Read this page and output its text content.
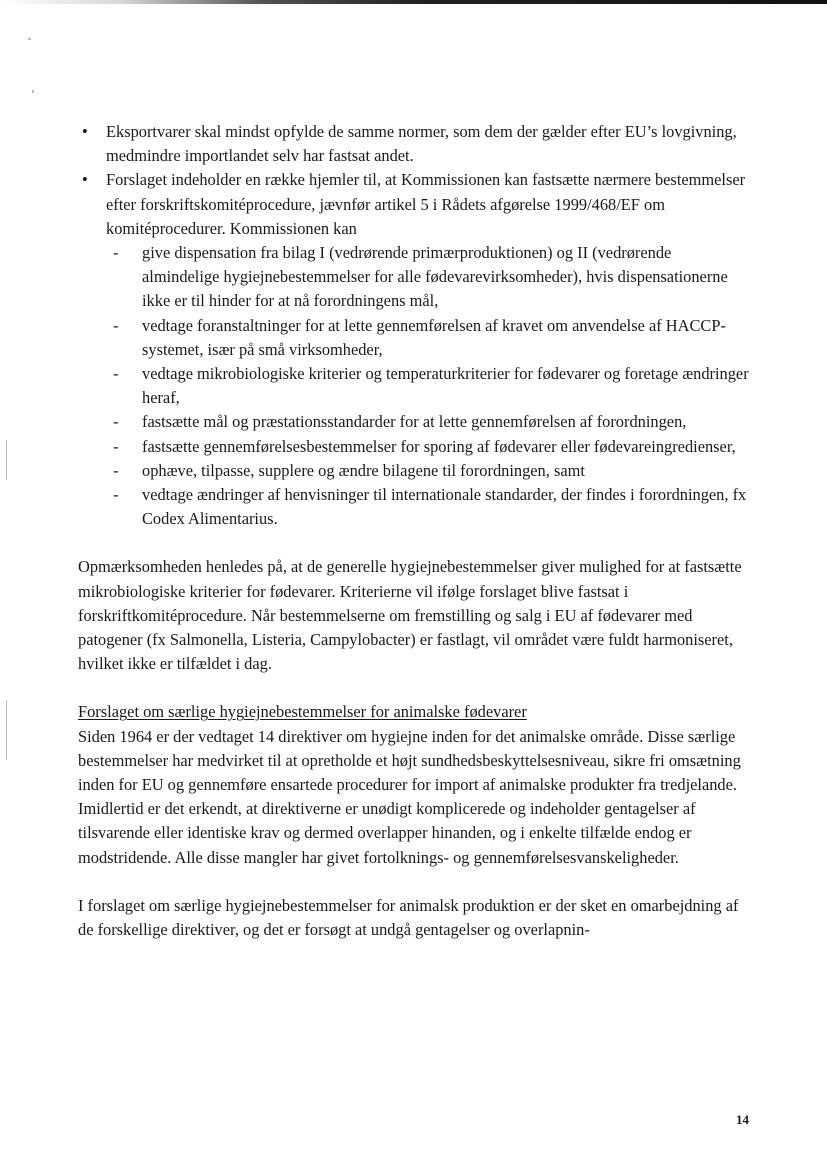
• Eksportvarer skal mindst opfylde de samme normer, som dem der gælder efter EU’s lovgivning, medmindre importlandet selv har fastsat andet.

• Forslaget indeholder en række hjemler til, at Kommissionen kan fastsætte nærmere bestemmelser efter forskriftskomitéprocedure, jævnfør artikel 5 i Rådets afgørelse 1999/468/EF om komitéprocedurer. Kommissionen kan

- give dispensation fra bilag I (vedrørende primærproduktionen) og II (vedrørende almindelige hygiejnebestemmelser for alle fødevarevirksomheder), hvis dispensationerne ikke er til hinder for at nå forordningens mål,

- vedtage foranstaltninger for at lette gennemførelsen af kravet om anvendelse af HACCP-systemet, især på små virksomheder,

- vedtage mikrobiologiske kriterier og temperaturkriterier for fødevarer og foretage ændringer heraf,

- fastsætte mål og præstationsstandarder for at lette gennemførelsen af forordningen,

- fastsætte gennemførelsesbestemmelser for sporing af fødevarer eller fødevareingredienser,

- ophæve, tilpasse, supplere og ændre bilagene til forordningen, samt

- vedtage ændringer af henvisninger til internationale standarder, der findes i forordningen, fx Codex Alimentarius.

Opmærksomheden henledes på, at de generelle hygiejnebestemmelser giver mulighed for at fastsætte mikrobiologiske kriterier for fødevarer. Kriterierne vil ifølge forslaget blive fastsat i forskriftkomitéprocedure. Når bestemmelserne om fremstilling og salg i EU af fødevarer med patogener (fx Salmonella, Listeria, Campylobacter) er fastlagt, vil området være fuldt harmoniseret, hvilket ikke er tilfældet i dag.

Forslaget om særlige hygiejnebestemmelser for animalske fødevarer

Siden 1964 er der vedtaget 14 direktiver om hygiejne inden for det animalske område. Disse særlige bestemmelser har medvirket til at opretholde et højt sundhedsbeskyttelsesniveau, sikre fri omsætning inden for EU og gennemføre ensartede procedurer for import af animalske produkter fra tredjelande. Imidlertid er det erkendt, at direktiverne er unødigt komplicerede og indeholder gentagelser af tilsvarende eller identiske krav og dermed overlapper hinanden, og i enkelte tilfælde endog er modstridende. Alle disse mangler har givet fortolknings- og gennemførelsesvanskeligheder.

I forslaget om særlige hygiejnebestemmelser for animalsk produktion er der sket en omarbejdning af de forskellige direktiver, og det er forsøgt at undgå gentagelser og overlapnin-

14
